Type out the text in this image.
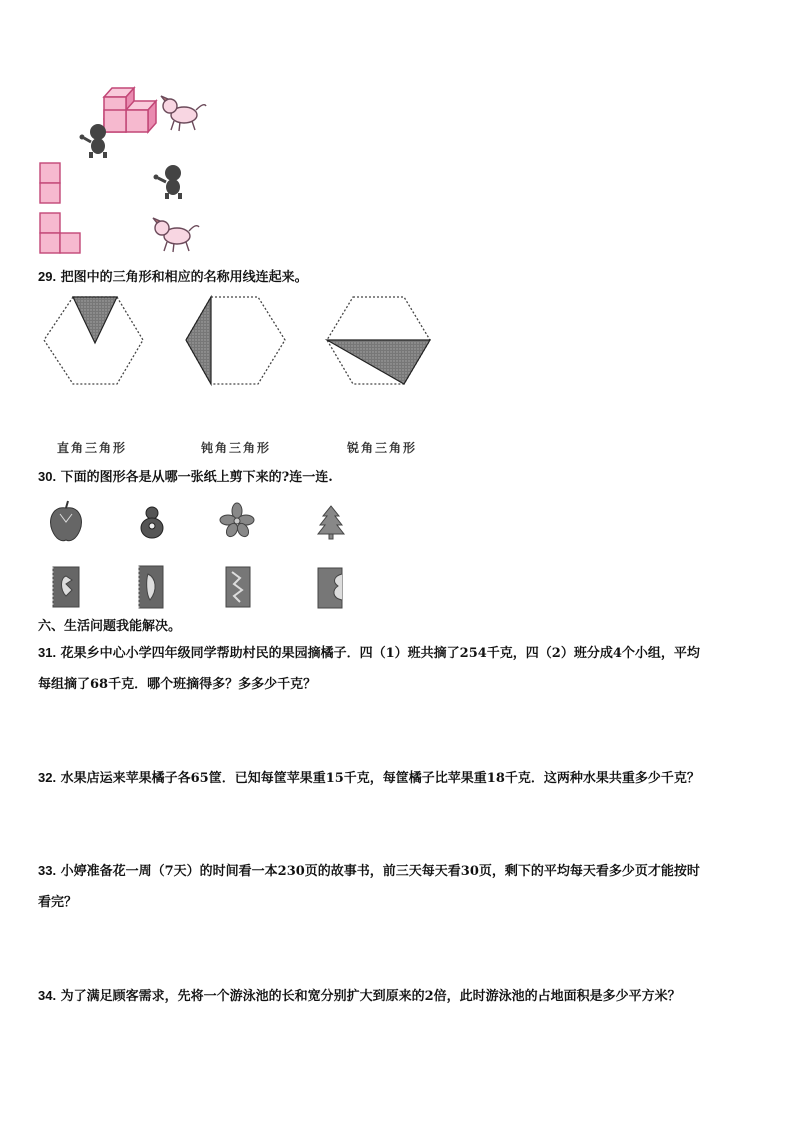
29. 把图中的三角形和相应的名称用线连起来。
直角三角形	钝角三角形	锐角三角形
30. 下面的图形各是从哪一张纸上剪下来的?连一连.
六、生活问题我能解决。
31. 花果乡中心小学四年级同学帮助村民的果园摘橘子．四（1）班共摘了254千克，四（2）班分成4个小组，平均
每组摘了68千克．哪个班摘得多？多多少千克？
32. 水果店运来苹果橘子各65筐．已知每筐苹果重15千克，每筐橘子比苹果重18千克．这两种水果共重多少千克？
33. 小婷准备花一周（7天）的时间看一本230页的故事书，前三天每天看30页，剩下的平均每天看多少页才能按时
看完？
34. 为了满足顾客需求，先将一个游泳池的长和宽分别扩大到原来的2倍，此时游泳池的占地面积是多少平方米？
